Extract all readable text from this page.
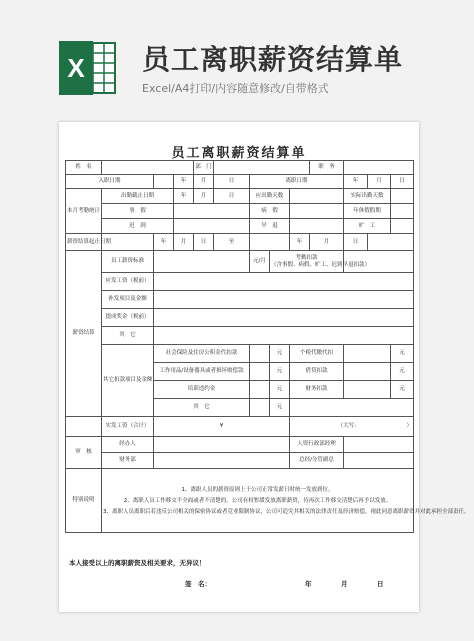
X 员工离职薪资结算单
Excel/A4打印/内容随意修改/自带格式
员工离职薪资结算单
姓　名				部　门					职　务			
入职日期			年	月	日	离职日期				年	月	日
本月考勤统计	出勤截止日期		年	月	日	应出勤天数				实际出勤天数		
	事　假					病　假				年休假假期		
	迟　到					早　退				旷　工		
薪资结算起止日期		年	月	日	至			年	月	日		
薪资结算	员工薪资标准					元/月	考勤扣款
（含事假、病假、旷工、迟到早退扣款）					

	应发工资（税前）											
	补发项目及金额											
	提成奖金（税前）											
	其　它											
	其它扣款项目及金额	社会保险及住房公积金代扣款					元	个税代缴代扣				元
		工作用品/设备器具或者损坏赔偿款					元	借贷扣款				元
		培训违约金					元	财务扣款				元
		其　它					元					
	实发工资（合计）	¥						（大写： ）				

审　核	经办人							人资行政部经理				
	财务部							总经/分管副总				
特别说明	1、离职人员的薪资原则上于公司正常发薪日时统一发放到位。
2、离职人员工作移交不全面或者不清楚的，公司有权暂缓发放离职薪资，待再次工作移交清楚后再予以发放。
3、离职人员离职后若违反公司相关的保密协议或者竞业限制协议，公司可追究其相关的法律责任及经济赔偿，视此同意离职薪资并对此承担全部责任。											
本人接受以上的离职薪资及相关要求，无异议！
签　名：	年	月	日
